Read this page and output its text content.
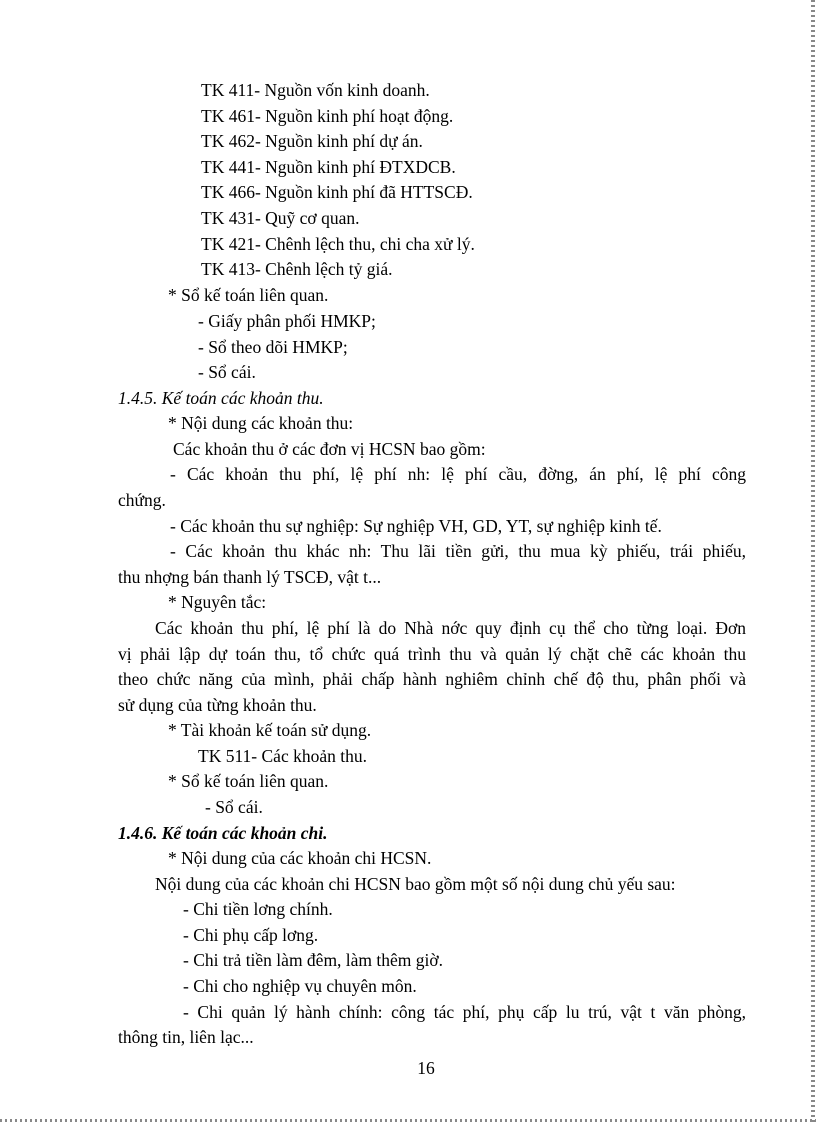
TK 411- Nguồn vốn kinh doanh.

TK 461- Nguồn kinh phí hoạt động.

TK 462- Nguồn kinh phí dự án.

TK 441- Nguồn kinh phí ĐTXDCB.

TK 466- Nguồn kinh phí đã HTTSCĐ.

TK 431- Quỹ cơ quan.

TK 421- Chênh lệch thu, chi cha xử lý.

TK 413- Chênh lệch tỷ giá.

* Sổ kế toán liên quan.

- Giấy phân phối HMKP;

- Sổ theo dõi HMKP;

- Sổ cái.

1.4.5. Kế toán các khoản thu.

* Nội dung các khoản thu:

Các khoản thu ở các đơn vị HCSN bao gồm:

- Các khoản thu phí, lệ phí nh: lệ phí cầu, đờng, án phí, lệ phí công

chứng.

- Các khoản thu sự nghiệp: Sự nghiệp VH, GD, YT, sự nghiệp kinh tế.

- Các khoản thu khác nh: Thu lãi tiền gửi, thu mua kỳ phiếu, trái phiếu,

thu nhợng bán thanh lý TSCĐ, vật t...

* Nguyên tắc:

Các khoản thu phí, lệ phí là do Nhà nớc quy định cụ thể cho từng loại. Đơn

vị phải lập dự toán thu, tổ chức quá trình thu và quản lý chặt chẽ các khoản thu

theo chức năng của mình, phải chấp hành nghiêm chỉnh chế độ thu, phân phối và

sử dụng của từng khoản thu.

* Tài khoản kế toán sử dụng.

TK 511- Các khoản thu.

* Sổ kế toán liên quan.

- Sổ cái.

1.4.6. Kế toán các khoản chi.

* Nội dung của các khoản chi HCSN.

Nội dung của các khoản chi HCSN bao gồm một số nội dung chủ yếu sau:

- Chi tiền lơng chính.

- Chi phụ cấp lơng.

- Chi trả tiền làm đêm, làm thêm giờ.

- Chi cho nghiệp vụ chuyên môn.

- Chi quản lý hành chính: công tác phí, phụ cấp lu trú, vật t văn phòng,

thông tin, liên lạc...

16
